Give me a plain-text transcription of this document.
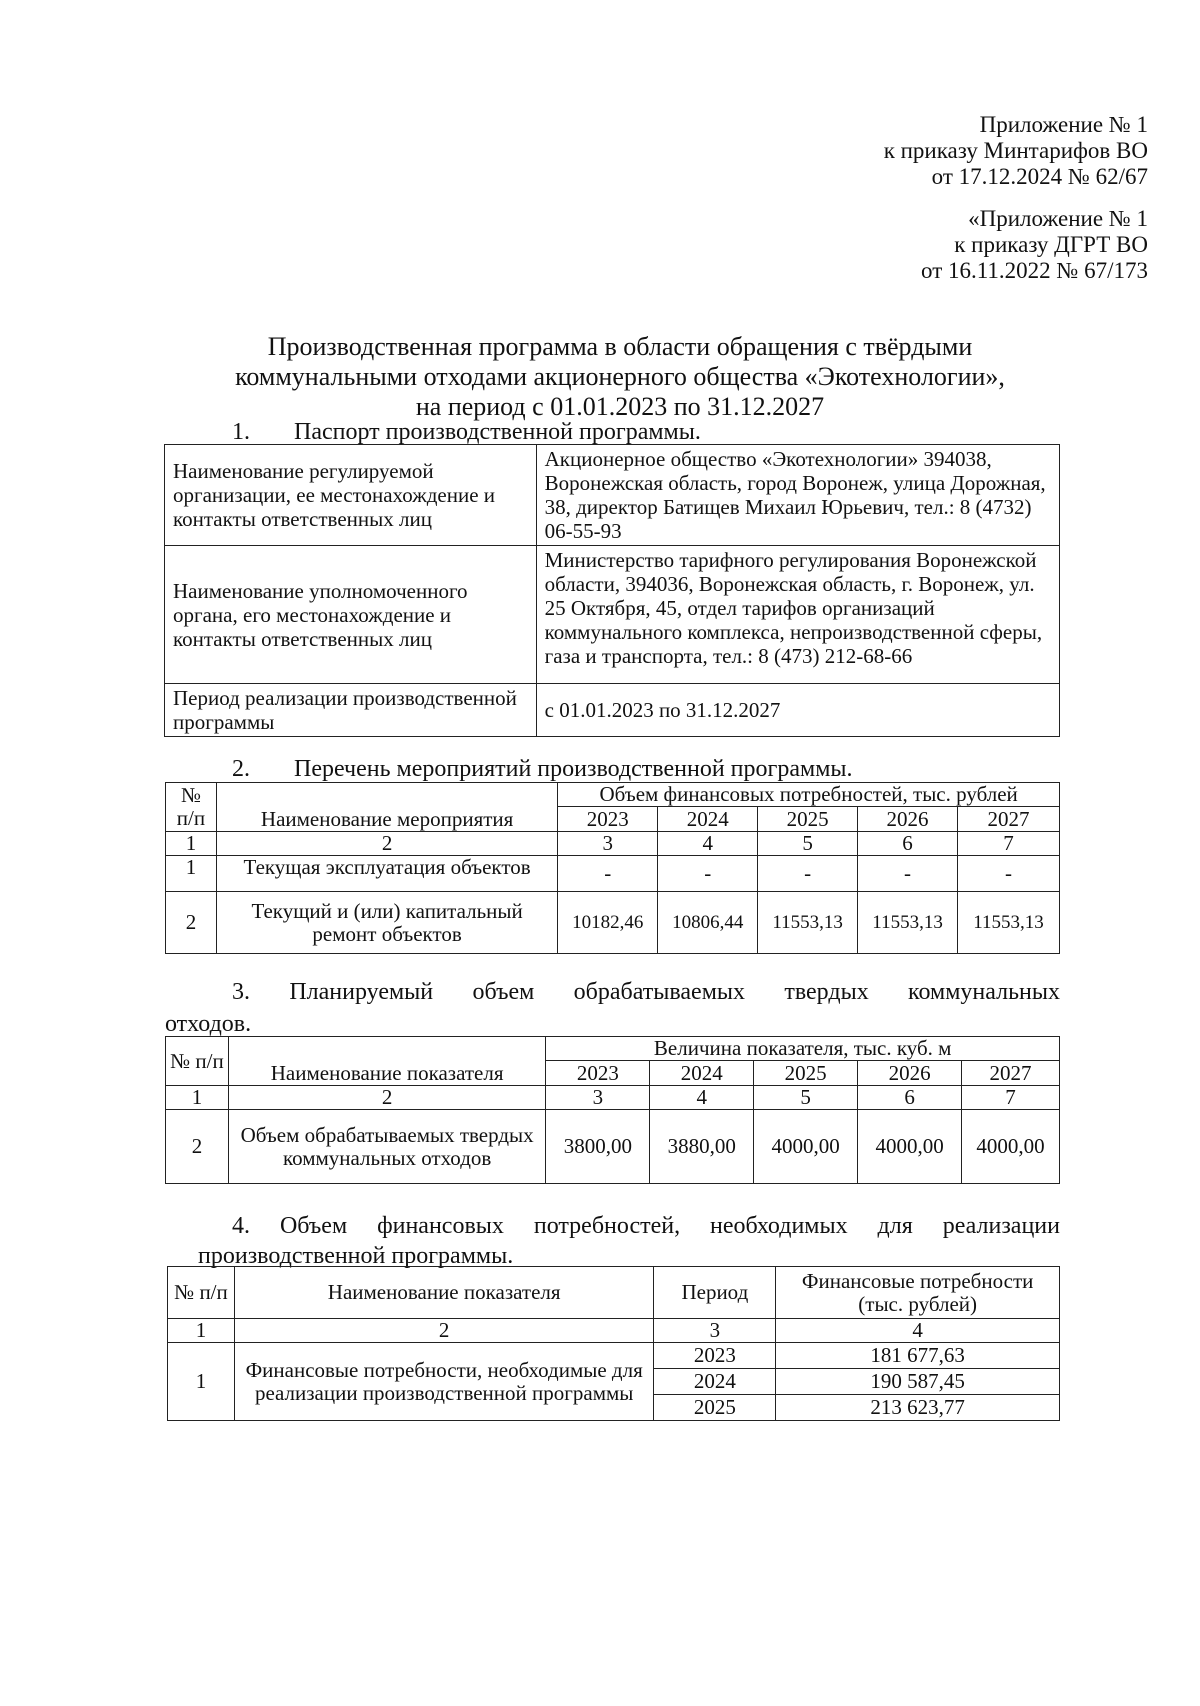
Приложение № 1
к приказу Минтарифов ВО
от 17.12.2024 № 62/67
«Приложение № 1
к приказу ДГРТ ВО
от 16.11.2022 № 67/173
Производственная программа в области обращения с твёрдыми
коммунальными отходами акционерного общества «Экотехнологии»,
на период с 01.01.2023 по 31.12.2027
1. Паспорт производственной программы.
Наименование регулируемой организации, ее местонахождение и контакты ответственных лиц	Акционерное общество «Экотехнологии» 394038, Воронежская область, город Воронеж, улица Дорожная, 38, директор Батищев Михаил Юрьевич, тел.: 8 (4732) 06-55-93
Наименование уполномоченного органа, его местонахождение и контакты ответственных лиц	Министерство тарифного регулирования Воронежской области, 394036, Воронежская область, г. Воронеж, ул. 25 Октября, 45, отдел тарифов организаций коммунального комплекса, непроизводственной сферы, газа и транспорта, тел.: 8 (473) 212-68-66
Период реализации производственной программы	с 01.01.2023 по 31.12.2027
2. Перечень мероприятий производственной программы.
№ п/п	Наименование мероприятия	Объем финансовых потребностей, тыс. рублей				
		2023	2024	2025	2026	2027
1	2	3	4	5	6	7
1	Текущая эксплуатация объектов	-	-	-	-	-
2	Текущий и (или) капитальный ремонт объектов	10182,46	10806,44	11553,13	11553,13	11553,13
3. Планируемый объем обрабатываемых твердых коммунальных
отходов.
№ п/п	Наименование показателя	Величина показателя, тыс. куб. м				
		2023	2024	2025	2026	2027
1	2	3	4	5	6	7
2	Объем обрабатываемых твердых коммунальных отходов	3800,00	3880,00	4000,00	4000,00	4000,00
4. Объем финансовых потребностей, необходимых для реализации
производственной программы.
№ п/п	Наименование показателя	Период	Финансовые потребности (тыс. рублей)
1	2	3	4
1	Финансовые потребности, необходимые для реализации производственной программы	2023	181 677,63
		2024	190 587,45
		2025	213 623,77
